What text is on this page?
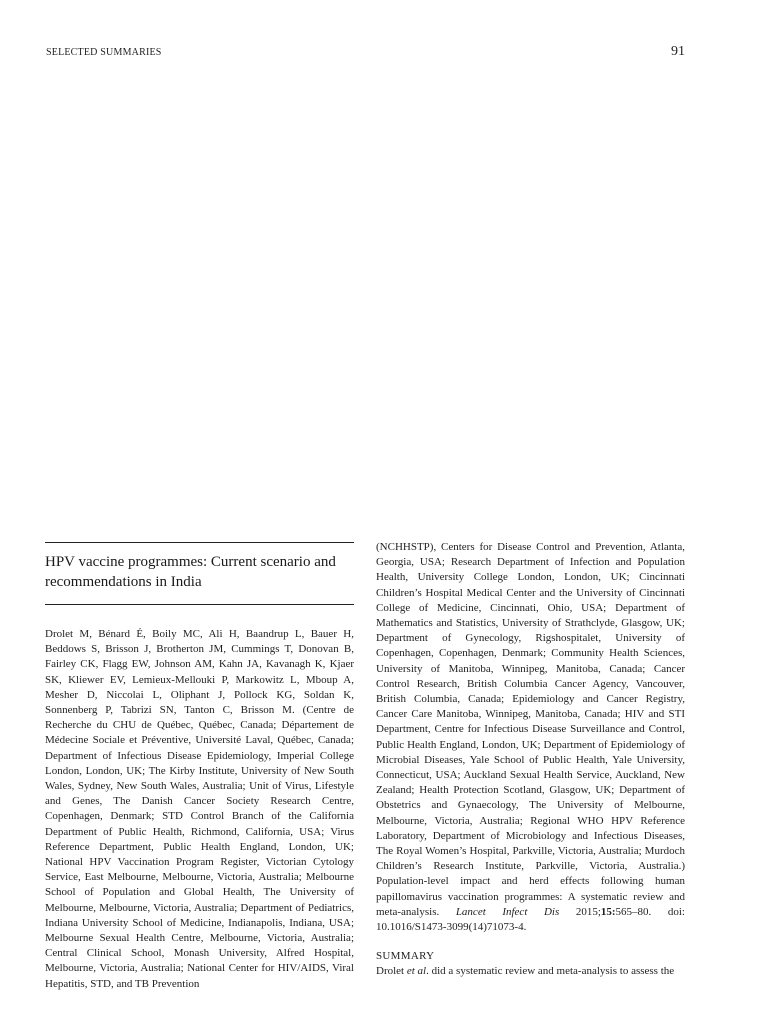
SELECTED SUMMARIES	91
HPV vaccine programmes: Current scenario and recommendations in India

Drolet M, Bénard É, Boily MC, Ali H, Baandrup L, Bauer H, Beddows S, Brisson J, Brotherton JM, Cummings T, Donovan B, Fairley CK, Flagg EW, Johnson AM, Kahn JA, Kavanagh K, Kjaer SK, Kliewer EV, Lemieux-Mellouki P, Markowitz L, Mboup A, Mesher D, Niccolai L, Oliphant J, Pollock KG, Soldan K, Sonnenberg P, Tabrizi SN, Tanton C, Brisson M. (Centre de Recherche du CHU de Québec, Québec, Canada; Département de Médecine Sociale et Préventive, Université Laval, Québec, Canada; Department of Infectious Disease Epidemiology, Imperial College London, London, UK; The Kirby Institute, University of New South Wales, Sydney, New South Wales, Australia; Unit of Virus, Lifestyle and Genes, The Danish Cancer Society Research Centre, Copenhagen, Denmark; STD Control Branch of the California Department of Public Health, Richmond, California, USA; Virus Reference Department, Public Health England, London, UK; National HPV Vaccination Program Register, Victorian Cytology Service, East Melbourne, Melbourne, Victoria, Australia; Melbourne School of Population and Global Health, The University of Melbourne, Melbourne, Victoria, Australia; Department of Pediatrics, Indiana University School of Medicine, Indianapolis, Indiana, USA; Melbourne Sexual Health Centre, Melbourne, Victoria, Australia; Central Clinical School, Monash University, Alfred Hospital, Melbourne, Victoria, Australia; National Center for HIV/AIDS, Viral Hepatitis, STD, and TB Prevention

(NCHHSTP), Centers for Disease Control and Prevention, Atlanta, Georgia, USA; Research Department of Infection and Population Health, University College London, London, UK; Cincinnati Children’s Hospital Medical Center and the University of Cincinnati College of Medicine, Cincinnati, Ohio, USA; Department of Mathematics and Statistics, University of Strathclyde, Glasgow, UK; Department of Gynecology, Rigshospitalet, University of Copenhagen, Copenhagen, Denmark; Community Health Sciences, University of Manitoba, Winnipeg, Manitoba, Canada; Cancer Control Research, British Columbia Cancer Agency, Vancouver, British Columbia, Canada; Epidemiology and Cancer Registry, Cancer Care Manitoba, Winnipeg, Manitoba, Canada; HIV and STI Department, Centre for Infectious Disease Surveillance and Control, Public Health England, London, UK; Department of Epidemiology of Microbial Diseases, Yale School of Public Health, Yale University, Connecticut, USA; Auckland Sexual Health Service, Auckland, New Zealand; Health Protection Scotland, Glasgow, UK; Department of Obstetrics and Gynaecology, The University of Melbourne, Melbourne, Victoria, Australia; Regional WHO HPV Reference Laboratory, Department of Microbiology and Infectious Diseases, The Royal Women’s Hospital, Parkville, Victoria, Australia; Murdoch Children’s Research Institute, Parkville, Victoria, Australia.) Population-level impact and herd effects following human papillomavirus vaccination programmes: A systematic review and meta-analysis. Lancet Infect Dis 2015;15:565–80. doi: 10.1016/S1473-3099(14)71073-4.

SUMMARY

Drolet et al. did a systematic review and meta-analysis to assess the
